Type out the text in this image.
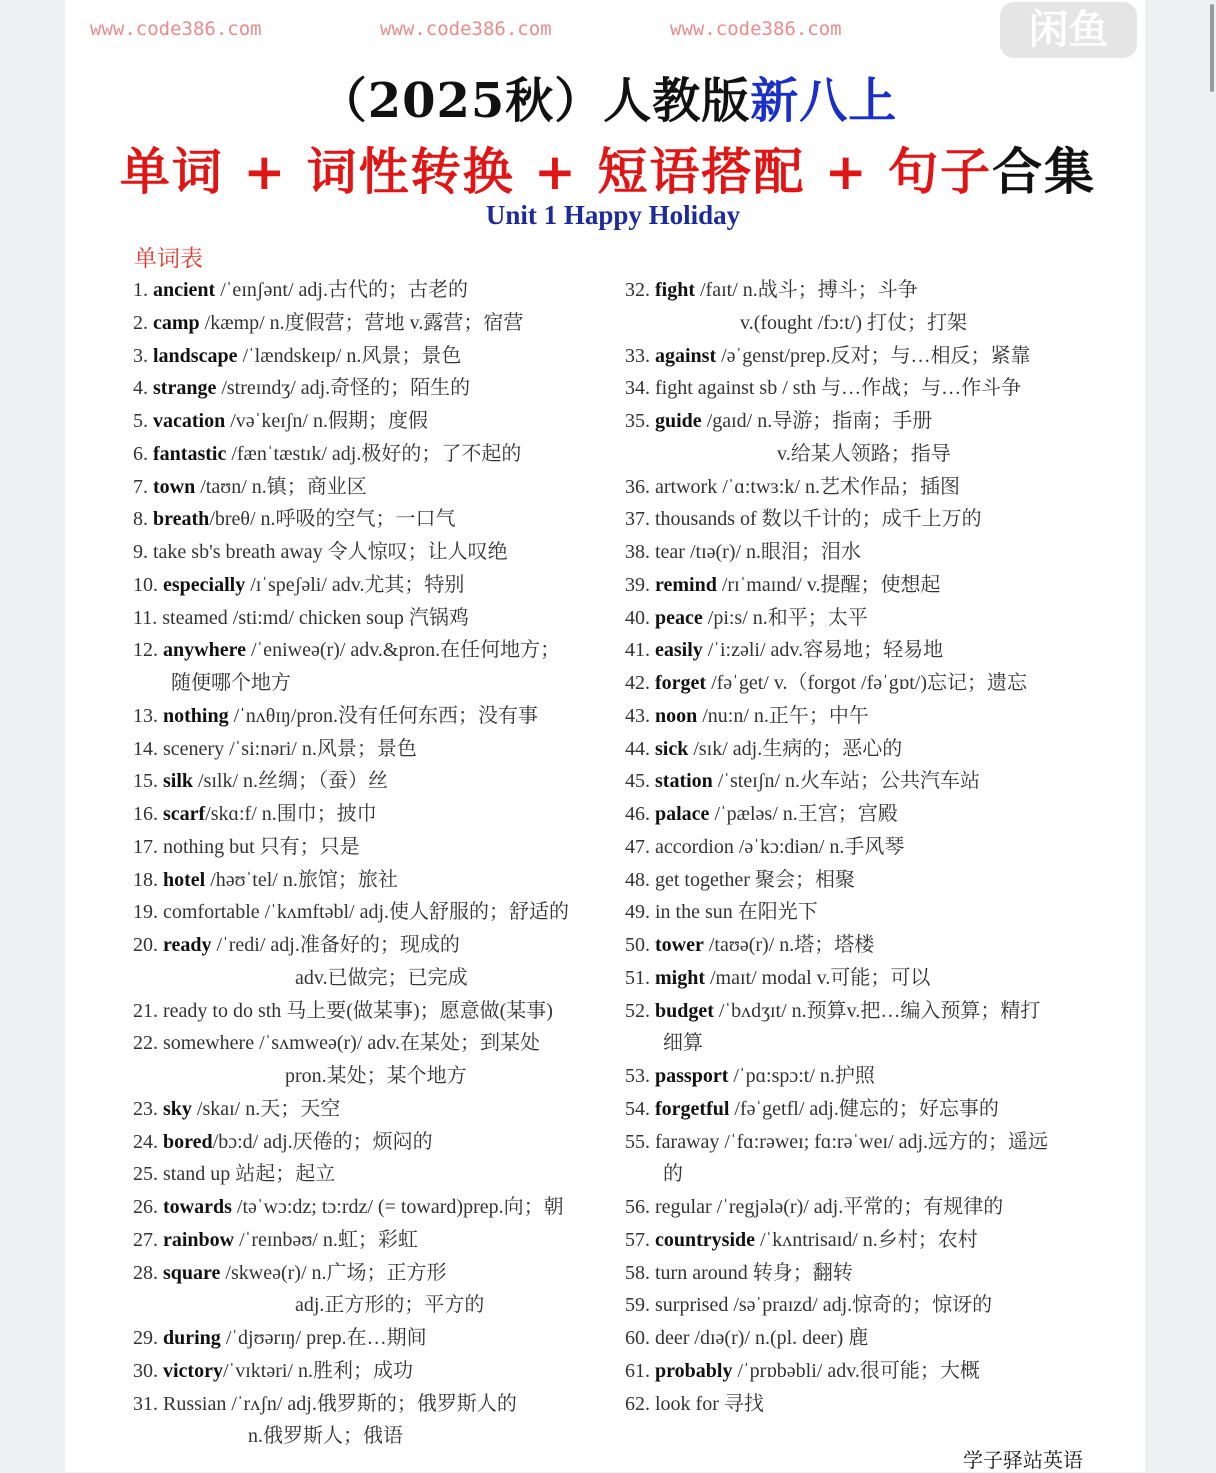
www.code386.com	www.code386.com	www.code386.com	闲鱼
（2025秋）人教版新八上
单词 + 词性转换 + 短语搭配 + 句子合集
Unit 1 Happy Holiday
单词表
1. ancient /ˈeɪnʃənt/ adj.古代的；古老的
2. camp /kæmp/ n.度假营；营地 v.露营；宿营
3. landscape /ˈlændskeɪp/ n.风景；景色
4. strange /streɪndʒ/ adj.奇怪的；陌生的
5. vacation /vəˈkeɪʃn/ n.假期；度假
6. fantastic /fænˈtæstɪk/ adj.极好的；了不起的
7. town /taʊn/ n.镇；商业区
8. breath/breθ/ n.呼吸的空气；一口气
9. take sb's breath away 令人惊叹；让人叹绝
10. especially /ɪˈspeʃəli/ adv.尤其；特别
11. steamed /sti:md/ chicken soup 汽锅鸡
12. anywhere /ˈeniweə(r)/ adv.&pron.在任何地方；
随便哪个地方
13. nothing /ˈnʌθɪŋ/pron.没有任何东西；没有事
14. scenery /ˈsi:nəri/ n.风景；景色
15. silk /sɪlk/ n.丝绸；（蚕）丝
16. scarf/skɑ:f/ n.围巾；披巾
17. nothing but 只有；只是
18. hotel /həʊˈtel/ n.旅馆；旅社
19. comfortable /ˈkʌmftəbl/ adj.使人舒服的；舒适的
20. ready /ˈredi/ adj.准备好的；现成的
adv.已做完；已完成
21. ready to do sth 马上要(做某事)；愿意做(某事)
22. somewhere /ˈsʌmweə(r)/ adv.在某处；到某处
pron.某处；某个地方
23. sky /skaɪ/ n.天；天空
24. bored/bɔ:d/ adj.厌倦的；烦闷的
25. stand up 站起；起立
26. towards /təˈwɔ:dz; tɔ:rdz/ (= toward)prep.向；朝
27. rainbow /ˈreɪnbəʊ/ n.虹；彩虹
28. square /skweə(r)/ n.广场；正方形
adj.正方形的；平方的
29. during /ˈdjʊərɪŋ/ prep.在…期间
30. victory/ˈvɪktəri/ n.胜利；成功
31. Russian /ˈrʌʃn/ adj.俄罗斯的；俄罗斯人的
n.俄罗斯人；俄语
32. fight /faɪt/ n.战斗；搏斗；斗争
v.(fought /fɔ:t/) 打仗；打架
33. against /əˈgenst/prep.反对；与…相反；紧靠
34. fight against sb / sth 与…作战；与…作斗争
35. guide /gaɪd/ n.导游；指南；手册
v.给某人领路；指导
36. artwork /ˈɑ:twɜ:k/ n.艺术作品；插图
37. thousands of 数以千计的；成千上万的
38. tear /tɪə(r)/ n.眼泪；泪水
39. remind /rɪˈmaɪnd/ v.提醒；使想起
40. peace /pi:s/ n.和平；太平
41. easily /ˈi:zəli/ adv.容易地；轻易地
42. forget /fəˈget/ v.（forgot /fəˈgɒt/)忘记；遗忘
43. noon /nu:n/ n.正午；中午
44. sick /sɪk/ adj.生病的；恶心的
45. station /ˈsteɪʃn/ n.火车站；公共汽车站
46. palace /ˈpæləs/ n.王宫；宫殿
47. accordion /əˈkɔ:diən/ n.手风琴
48. get together 聚会；相聚
49. in the sun 在阳光下
50. tower /taʊə(r)/ n.塔；塔楼
51. might /maɪt/ modal v.可能；可以
52. budget /ˈbʌdʒɪt/ n.预算v.把…编入预算；精打
细算
53. passport /ˈpɑ:spɔ:t/ n.护照
54. forgetful /fəˈgetfl/ adj.健忘的；好忘事的
55. faraway /ˈfɑ:rəweɪ; fɑ:rəˈweɪ/ adj.远方的；遥远
的
56. regular /ˈregjələ(r)/ adj.平常的；有规律的
57. countryside /ˈkʌntrisaɪd/ n.乡村；农村
58. turn around 转身；翻转
59. surprised /səˈpraɪzd/ adj.惊奇的；惊讶的
60. deer /dɪə(r)/ n.(pl. deer) 鹿
61. probably /ˈprɒbəbli/ adv.很可能；大概
62. look for 寻找
学子驿站英语
